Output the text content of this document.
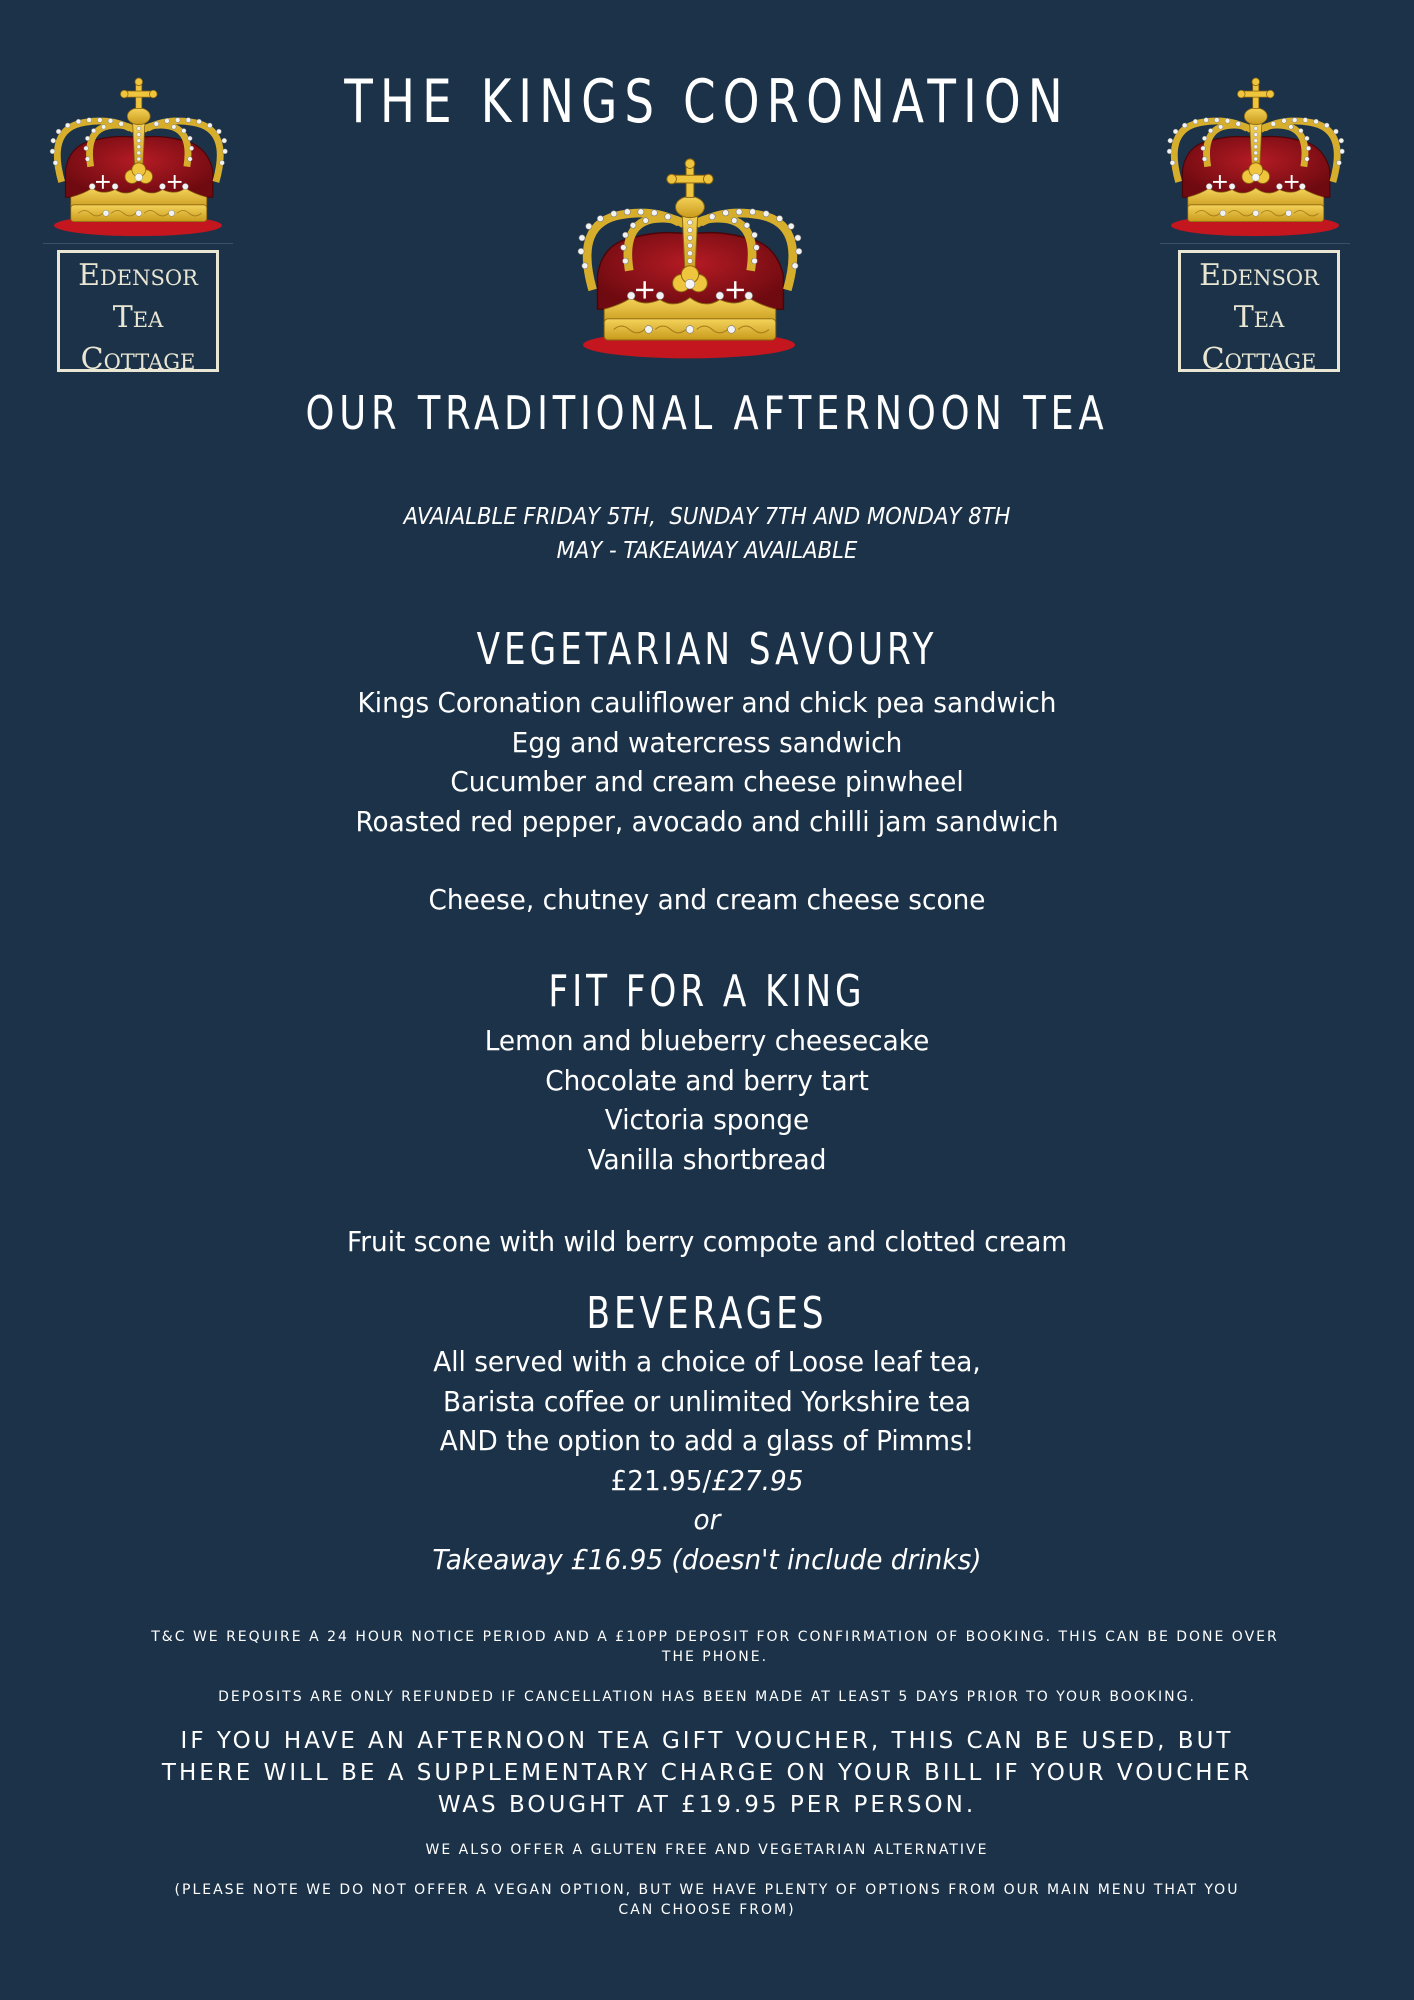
Edensor
Tea
Cottage
Edensor
Tea
Cottage
THE KINGS CORONATION
OUR TRADITIONAL AFTERNOON TEA
AVAIALBLE FRIDAY 5TH,  SUNDAY 7TH AND MONDAY 8TH
MAY - TAKEAWAY AVAILABLE
VEGETARIAN SAVOURY
Kings Coronation cauliflower and chick pea sandwich
Egg and watercress sandwich
Cucumber and cream cheese pinwheel
Roasted red pepper, avocado and chilli jam sandwich
Cheese, chutney and cream cheese scone
FIT FOR A KING
Lemon and blueberry cheesecake
Chocolate and berry tart
Victoria sponge
Vanilla shortbread
Fruit scone with wild berry compote and clotted cream
BEVERAGES
All served with a choice of Loose leaf tea,
Barista coffee or unlimited Yorkshire tea
AND the option to add a glass of Pimms!
£21.95/£27.95
or
Takeaway £16.95 (doesn't include drinks)
T&C WE REQUIRE A 24 HOUR NOTICE PERIOD AND A £10PP DEPOSIT FOR CONFIRMATION OF BOOKING. THIS CAN BE DONE OVER THE PHONE.
DEPOSITS ARE ONLY REFUNDED IF CANCELLATION HAS BEEN MADE AT LEAST 5 DAYS PRIOR TO YOUR BOOKING.
IF YOU HAVE AN AFTERNOON TEA GIFT VOUCHER, THIS CAN BE USED, BUT
THERE WILL BE A SUPPLEMENTARY CHARGE ON YOUR BILL IF YOUR VOUCHER
WAS BOUGHT AT £19.95 PER PERSON.
WE ALSO OFFER A GLUTEN FREE AND VEGETARIAN ALTERNATIVE
(PLEASE NOTE WE DO NOT OFFER A VEGAN OPTION, BUT WE HAVE PLENTY OF OPTIONS FROM OUR MAIN MENU THAT YOU
CAN CHOOSE FROM)
